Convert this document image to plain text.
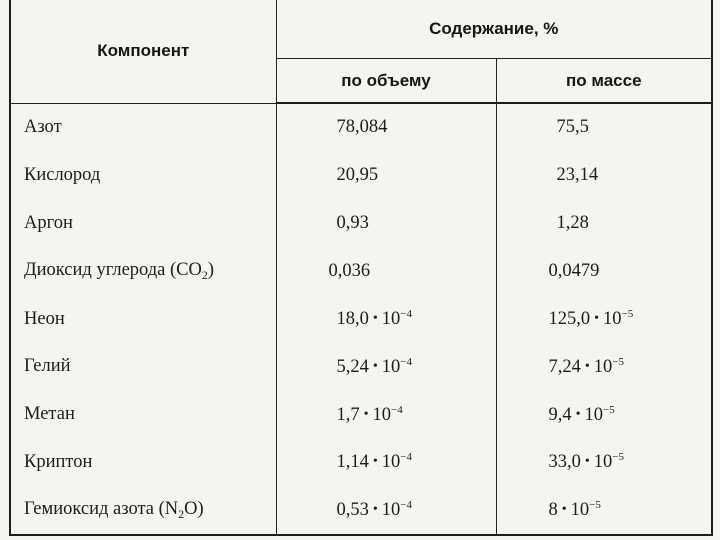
Компонент	Содержание, %	
	по объему	по массе
Азот	78,084	75,5
Кислород	20,95	23,14
Аргон	0,93	1,28
Диоксид углерода $(CO_2)$	0,036	0,0479
Неон	18,0 • $10^{-4}$	125,0 • $10^{-5}$
Гелий	5,24 • $10^{-4}$	7,24 • $10^{-5}$
Метан	1,7 • $10^{-4}$	9,4 • $10^{-5}$
Криптон	1,14 • $10^{-4}$	33,0 • $10^{-5}$
Гемиоксид азота $(N_2O)$	0,53 • $10^{-4}$	8 • $10^{-5}$
